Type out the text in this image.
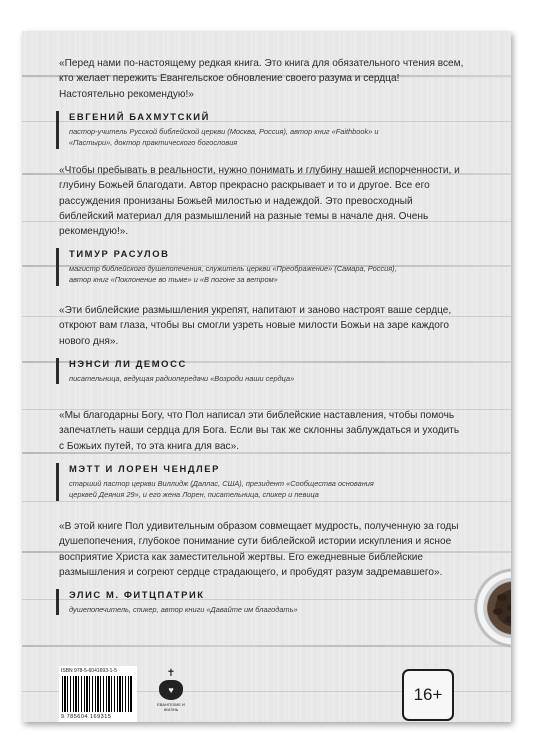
«Перед нами по-настоящему редкая книга. Это книга для обязательного чтения всем, кто желает пережить Евангельское обновление своего разума и сердца! Настоятельно рекомендую!»

ЕВГЕНИЙ БАХМУТСКИЙ
пастор-учитель Русской библейской церкви (Москва, Россия), автор книг «Faithbook» и «Пастыри», доктор практического богословия

«Чтобы пребывать в реальности, нужно понимать и глубину нашей испорченности, и глубину Божьей благодати. Автор прекрасно раскрывает и то и другое. Все его рассуждения пронизаны Божьей милостью и надеждой. Это превосходный библейский материал для размышлений на разные темы в начале дня. Очень рекомендую!».

ТИМУР РАСУЛОВ
магистр библейского душепопечения, служитель церкви «Преображение» (Самара, Россия), автор книг «Поклонение во тьме» и «В погоне за ветром»

«Эти библейские размышления укрепят, напитают и заново настроят ваше сердце, откроют вам глаза, чтобы вы смогли узреть новые милости Божьи на заре каждого нового дня».

НЭНСИ ЛИ ДЕМОСС
писательница, ведущая радиопередачи «Возроди наши сердца»

«Мы благодарны Богу, что Пол написал эти библейские наставления, чтобы помочь запечатлеть наши сердца для Бога. Если вы так же склонны заблуждаться и уходить с Божьих путей, то эта книга для вас».

МЭТТ И ЛОРЕН ЧЕНДЛЕР
старший пастор церкви Виллидж (Даллас, США), президент «Сообщества основания церквей Деяния 29», и его жена Лорен, писательница, спикер и певица

«В этой книге Пол удивительным образом совмещает мудрость, полученную за годы душепопечения, глубокое понимание сути библейской истории искупления и ясное восприятие Христа как заместительной жертвы. Его ежедневные библейские размышления и согреют сердце страдающего, и пробудят разум задремавшего».

ЭЛИС М. ФИТЦПАТРИК
душепопечитель, спикер, автор книги «Давайте им благодать»
ISBN 978-5-6041693-1-5
9 785604 169315
✝
♥
ЕВАНГЕЛИЕ И ЖИЗНЬ
16+
